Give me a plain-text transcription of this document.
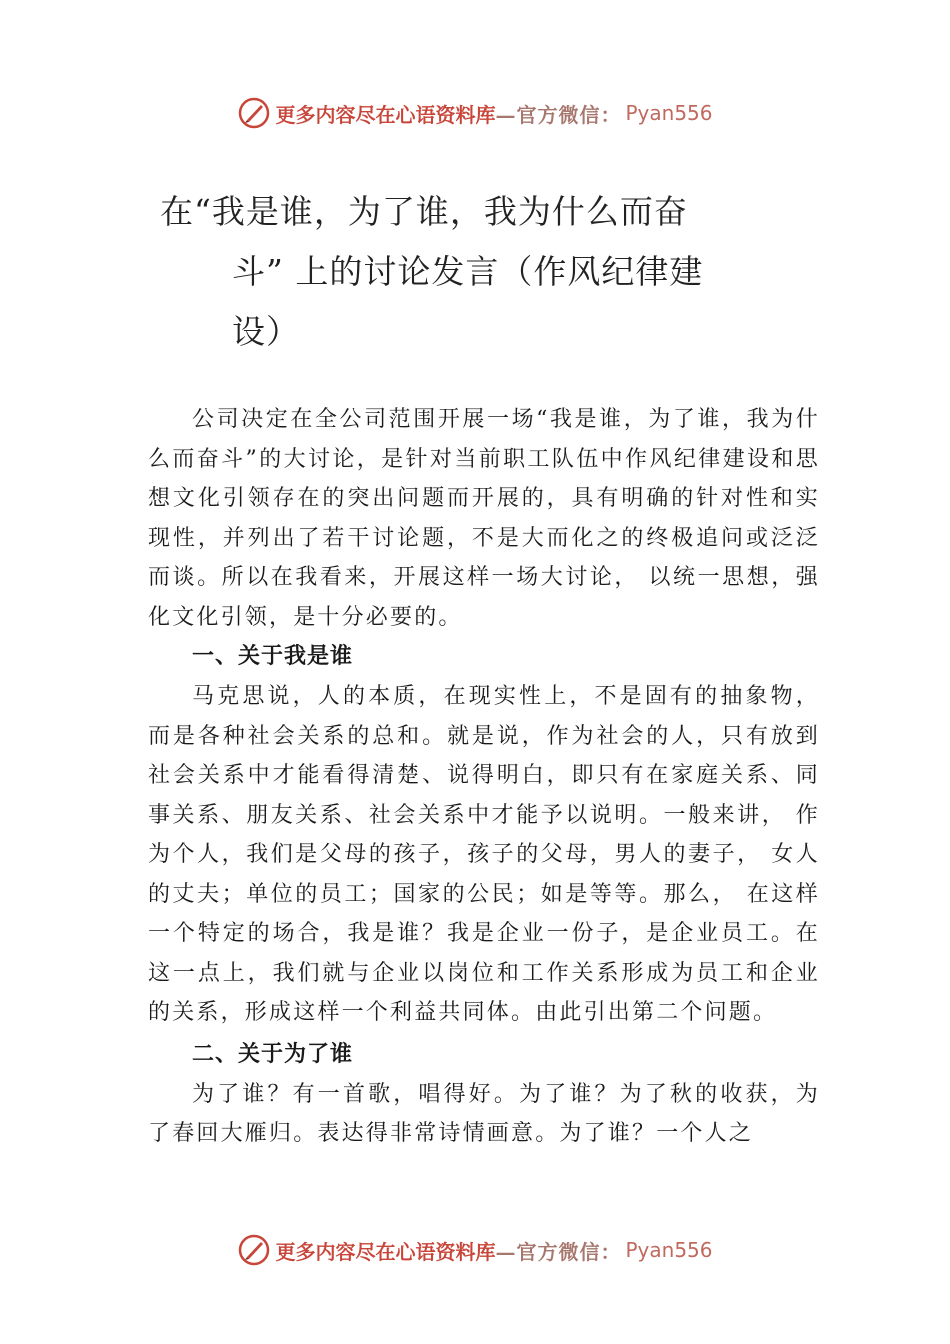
更多内容尽在心语资料库 —官方微信： Pyan556
在“我是谁，为了谁，我为什么而奋
斗” 上的讨论发言（作风纪律建
设）

公司决定在全公司范围开展一场“我是谁，为了谁，我为什么而奋斗”的大讨论，是针对当前职工队伍中作风纪律建设和思想文化引领存在的突出问题而开展的，具有明确的针对性和实现性，并列出了若干讨论题，不是大而化之的终极追问或泛泛而谈。所以在我看来，开展这样一场大讨论， 以统一思想，强化文化引领，是十分必要的。

一、关于我是谁

马克思说，人的本质，在现实性上，不是固有的抽象物，而是各种社会关系的总和。就是说，作为社会的人，只有放到社会关系中才能看得清楚、说得明白，即只有在家庭关系、同事关系、朋友关系、社会关系中才能予以说明。一般来讲， 作为个人，我们是父母的孩子，孩子的父母，男人的妻子， 女人的丈夫；单位的员工；国家的公民；如是等等。那么， 在这样一个特定的场合，我是谁？我是企业一份子，是企业员工。在这一点上，我们就与企业以岗位和工作关系形成为员工和企业的关系，形成这样一个利益共同体。由此引出第二个问题。

二、关于为了谁

为了谁？有一首歌，唱得好。为了谁？为了秋的收获，为了春回大雁归。表达得非常诗情画意。为了谁？一个人之

更多内容尽在心语资料库 —官方微信： Pyan556
